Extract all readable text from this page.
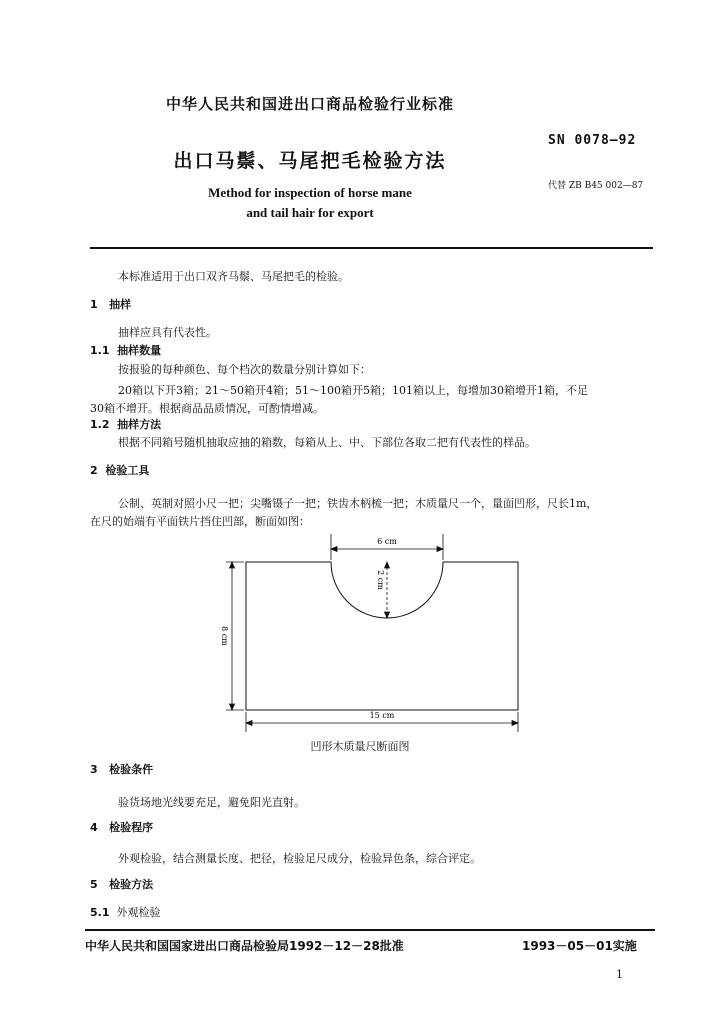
中华人民共和国进出口商品检验行业标准
SN 0078—92
出口马鬃、马尾把毛检验方法
Method for inspection of horse mane
and tail hair for export
代替 ZB B45 002—87
本标准适用于出口双齐马鬃、马尾把毛的检验。
1 抽样
抽样应具有代表性。
1.1 抽样数量
按报验的每种颜色、每个档次的数量分别计算如下：
20箱以下开3箱；21～50箱开4箱；51～100箱开5箱；101箱以上，每增加30箱增开1箱，不足
30箱不增开。根据商品品质情况，可酌情增减。
1.2 抽样方法
根据不同箱号随机抽取应抽的箱数，每箱从上、中、下部位各取二把有代表性的样品。
2 检验工具
公制、英制对照小尺一把；尖嘴镊子一把；铁齿木柄梳一把；木质量尺一个，量面凹形，尺长1m，
在尺的始端有平面铁片挡住凹部，断面如图：
6 cm
2 cm
8 cm
15 cm
凹形木质量尺断面图
3 检验条件
验货场地光线要充足，避免阳光直射。
4 检验程序
外观检验，结合测量长度、把径，检验足尺成分，检验异色条，综合评定。
5 检验方法
5.1 外观检验
中华人民共和国国家进出口商品检验局1992－12－28批准	1993－05－01实施
1
